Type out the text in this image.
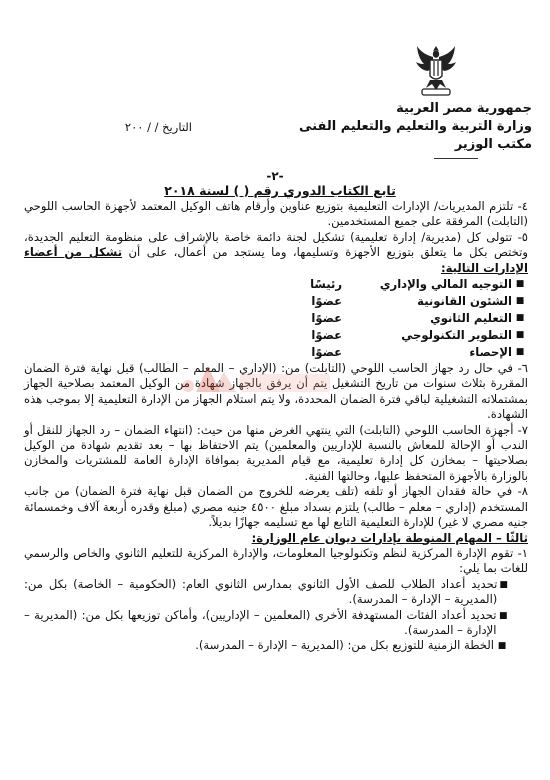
جمهورية مصر العربية
وزارة التربية والتعليم والتعليم الفنى
مكتب الوزير
التاريخ / / ٢٠٠
-٢-
تابع الكتاب الدوري رقم ( ) لسنة ٢٠١٨

٤- تلتزم المديريات/ الإدارات التعليمية بتوزيع عناوين وأرقام هاتف الوكيل المعتمد لأجهزة الحاسب اللوحي (التابلت) المرفقة على جميع المستخدمين.

٥- تتولى كل (مديرية/ إدارة تعليمية) تشكيل لجنة دائمة خاصة بالإشراف على منظومة التعليم الجديدة، وتختص بكل ما يتعلق بتوزيع الأجهزة وتسليمها، وما يستجد من أعمال، على أن تشكل من أعضاء الإدارات التالية:

■
التوجيه المالي والإداري
رئيسًا
■
الشئون القانونية
عضوًا
■
التعليم الثانوي
عضوًا
■
التطوير التكنولوجي
عضوًا
■
الإحصاء
عضوًا

٦- في حال رد جهاز الحاسب اللوحي (التابلت) من: (الإداري – المعلم – الطالب) قبل نهاية فترة الضمان المقررة بثلاث سنوات من تاريخ التشغيل يتم أن يرفق بالجهاز شهادة من الوكيل المعتمد بصلاحية الجهاز بمشتملاته التشغيلية لباقي فترة الضمان المحددة، ولا يتم استلام الجهاز من الإدارة التعليمية إلا بموجب هذه الشهادة.

٧- أجهزة الحاسب اللوحي (التابلت) التي ينتهي الغرض منها من حيث: (انتهاء الضمان – رد الجهاز للنقل أو الندب أو الإحالة للمعاش بالنسبة للإداريين والمعلمين) يتم الاحتفاظ بها – بعد تقديم شهادة من الوكيل بصلاحيتها – بمخازن كل إدارة تعليمية، مع قيام المديرية بموافاة الإدارة العامة للمشتريات والمخازن بالوزارة بالأجهزة المتحفظ عليها، وحالتها الفنية.

٨- في حالة فقدان الجهاز أو تلفه (تلف يعرضه للخروج من الضمان قبل نهاية فترة الضمان) من جانب المستخدم (إداري – معلم – طالب) يلتزم بسداد مبلغ ٤٥٠٠ جنيه مصري (مبلغ وقدره أربعة آلاف وخمسمائة جنيه مصري لا غير) للإدارة التعليمية التابع لها مع تسليمه جهازًا بديلاً.

ثالثًا – المهام المنوطة بإدارات ديوان عام الوزارة:

١- تقوم الإدارة المركزية لنظم وتكنولوجيا المعلومات، والإدارة المركزية للتعليم الثانوي والخاص والرسمي للغات بما يلي:

■
تحديد أعداد الطلاب للصف الأول الثانوي بمدارس الثانوي العام: (الحكومية – الخاصة) بكل من: (المديرية – الإدارة – المدرسة).
■
تحديد أعداد الفئات المستهدفة الأخرى (المعلمين – الإداريين)، وأماكن توزيعها بكل من: (المديرية – الإدارة – المدرسة).
■
الخطة الزمنية للتوزيع بكل من: (المديرية – الإدارة – المدرسة).
